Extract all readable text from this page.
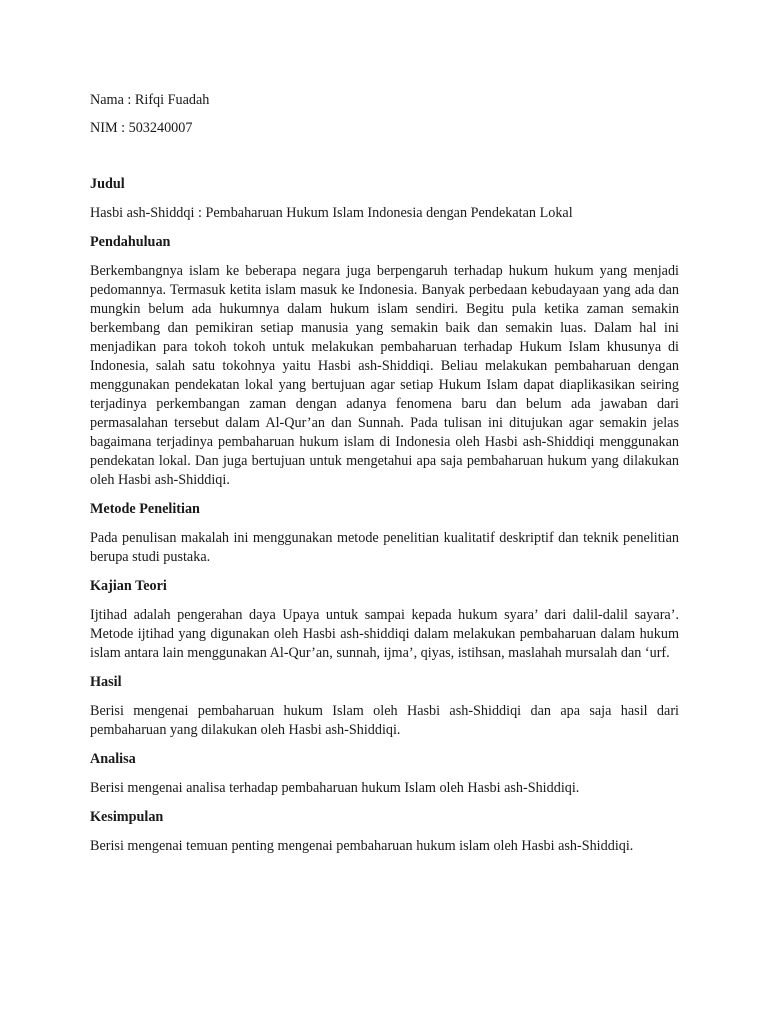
Nama : Rifqi Fuadah

NIM : 503240007

Judul

Hasbi ash-Shiddqi : Pembaharuan Hukum Islam Indonesia dengan Pendekatan Lokal

Pendahuluan

Berkembangnya islam ke beberapa negara juga berpengaruh terhadap hukum hukum yang menjadi pedomannya. Termasuk ketita islam masuk ke Indonesia. Banyak perbedaan kebudayaan yang ada dan mungkin belum ada hukumnya dalam hukum islam sendiri. Begitu pula ketika zaman semakin berkembang dan pemikiran setiap manusia yang semakin baik dan semakin luas. Dalam hal ini menjadikan para tokoh tokoh untuk melakukan pembaharuan terhadap Hukum Islam khusunya di Indonesia, salah satu tokohnya yaitu Hasbi ash-Shiddiqi. Beliau melakukan pembaharuan dengan menggunakan pendekatan lokal yang bertujuan agar setiap Hukum Islam dapat diaplikasikan seiring terjadinya perkembangan zaman dengan adanya fenomena baru dan belum ada jawaban dari permasalahan tersebut dalam Al-Qur’an dan Sunnah. Pada tulisan ini ditujukan agar semakin jelas bagaimana terjadinya pembaharuan hukum islam di Indonesia oleh Hasbi ash-Shiddiqi menggunakan pendekatan lokal. Dan juga bertujuan untuk mengetahui apa saja pembaharuan hukum yang dilakukan oleh Hasbi ash-Shiddiqi.

Metode Penelitian

Pada penulisan makalah ini menggunakan metode penelitian kualitatif deskriptif dan teknik penelitian berupa studi pustaka.

Kajian Teori

Ijtihad adalah pengerahan daya Upaya untuk sampai kepada hukum syara’ dari dalil-dalil sayara’. Metode ijtihad yang digunakan oleh Hasbi ash-shiddiqi dalam melakukan pembaharuan dalam hukum islam antara lain menggunakan Al-Qur’an, sunnah, ijma’, qiyas, istihsan, maslahah mursalah dan ‘urf.

Hasil

Berisi mengenai pembaharuan hukum Islam oleh Hasbi ash-Shiddiqi dan apa saja hasil dari pembaharuan yang dilakukan oleh Hasbi ash-Shiddiqi.

Analisa

Berisi mengenai analisa terhadap pembaharuan hukum Islam oleh Hasbi ash-Shiddiqi.

Kesimpulan

Berisi mengenai temuan penting mengenai pembaharuan hukum islam oleh Hasbi ash-Shiddiqi.
